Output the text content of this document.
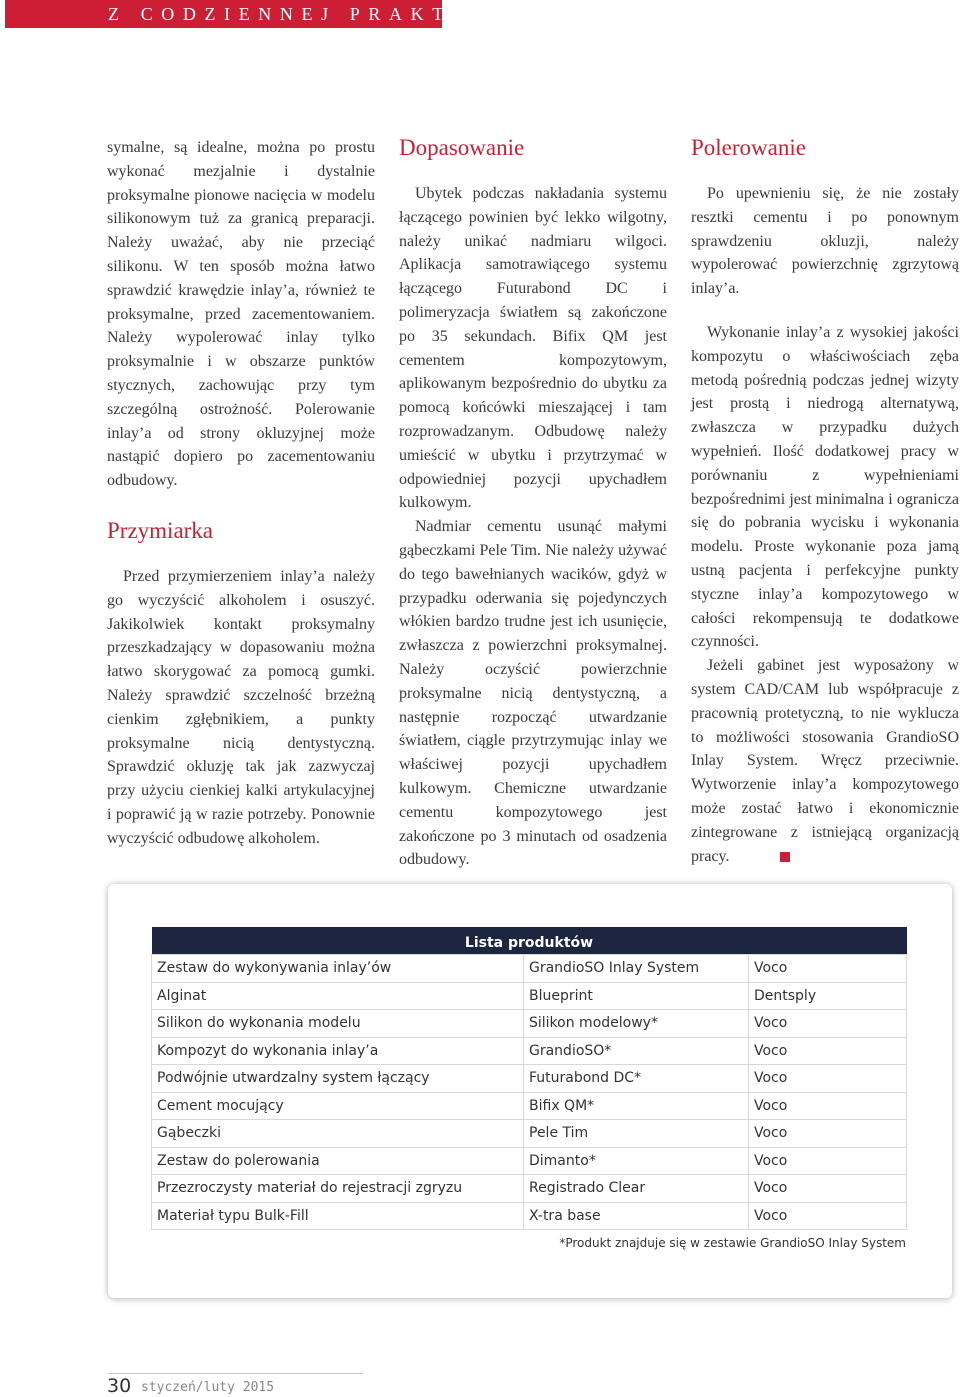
Z CODZIENNEJ PRAKTYKI

symalne, są idealne, można po prostu wykonać mezjalnie i dystalnie proksymalne pionowe nacięcia w modelu silikonowym tuż za granicą preparacji. Należy uważać, aby nie przeciąć silikonu. W ten sposób można łatwo sprawdzić krawędzie inlay’a, również te proksymalne, przed zacementowaniem. Należy wypolerować inlay tylko proksymalnie i w obszarze punktów stycznych, zachowując przy tym szczególną ostrożność. Polerowanie inlay’a od strony okluzyjnej może nastąpić dopiero po zacementowaniu odbudowy.

Przymiarka

Przed przymierzeniem inlay’a należy go wyczyścić alkoholem i osuszyć. Jakikolwiek kontakt proksymalny przeszkadzający w dopasowaniu można łatwo skorygować za pomocą gumki. Należy sprawdzić szczelność brzeżną cienkim zgłębnikiem, a punkty proksymalne nicią dentystyczną. Sprawdzić okluzję tak jak zazwyczaj przy użyciu cienkiej kalki artykulacyjnej i poprawić ją w razie potrzeby. Ponownie wyczyścić odbudowę alkoholem.

Dopasowanie

Ubytek podczas nakładania systemu łączącego powinien być lekko wilgotny, należy unikać nadmiaru wilgoci. Aplikacja samotrawiącego systemu łączącego Futurabond DC i polimeryzacja światłem są zakończone po 35 sekundach. Bifix QM jest cementem kompozytowym, aplikowanym bezpośrednio do ubytku za pomocą końcówki mieszającej i tam rozprowadzanym. Odbudowę należy umieścić w ubytku i przytrzymać w odpowiedniej pozycji upychadłem kulkowym.

Nadmiar cementu usunąć małymi gąbeczkami Pele Tim. Nie należy używać do tego bawełnianych wacików, gdyż w przypadku oderwania się pojedynczych włókien bardzo trudne jest ich usunięcie, zwłaszcza z powierzchni proksymalnej. Należy oczyścić powierzchnie proksymalne nicią dentystyczną, a następnie rozpocząć utwardzanie światłem, ciągle przytrzymując inlay we właściwej pozycji upychadłem kulkowym. Chemiczne utwardzanie cementu kompozytowego jest zakończone po 3 minutach od osadzenia odbudowy.

Polerowanie

Po upewnieniu się, że nie zostały resztki cementu i po ponownym sprawdzeniu okluzji, należy wypolerować powierzchnię zgrzytową inlay’a.

Wykonanie inlay’a z wysokiej jakości kompozytu o właściwościach zęba metodą pośrednią podczas jednej wizyty jest prostą i niedrogą alternatywą, zwłaszcza w przypadku dużych wypełnień. Ilość dodatkowej pracy w porównaniu z wypełnieniami bezpośrednimi jest minimalna i ogranicza się do pobrania wycisku i wykonania modelu. Proste wykonanie poza jamą ustną pacjenta i perfekcyjne punkty styczne inlay’a kompozytowego w całości rekompensują te dodatkowe czynności.

Jeżeli gabinet jest wyposażony w system CAD/CAM lub współpracuje z pracownią protetyczną, to nie wyklucza to możliwości stosowania GrandioSO Inlay System. Wręcz przeciwnie. Wytworzenie inlay’a kompozytowego może zostać łatwo i ekonomicznie zintegrowane z istniejącą organizacją pracy.

Lista produktów		
Zestaw do wykonywania inlay’ów	GrandioSO Inlay System	Voco
Alginat	Blueprint	Dentsply
Silikon do wykonania modelu	Silikon modelowy*	Voco
Kompozyt do wykonania inlay’a	GrandioSO*	Voco
Podwójnie utwardzalny system łączący	Futurabond DC*	Voco
Cement mocujący	Bifix QM*	Voco
Gąbeczki	Pele Tim	Voco
Zestaw do polerowania	Dimanto*	Voco
Przezroczysty materiał do rejestracji zgryzu	Registrado Clear	Voco
Materiał typu Bulk-Fill	X-tra base	Voco
*Produkt znajduje się w zestawie GrandioSO Inlay System
30 styczeń/luty 2015
